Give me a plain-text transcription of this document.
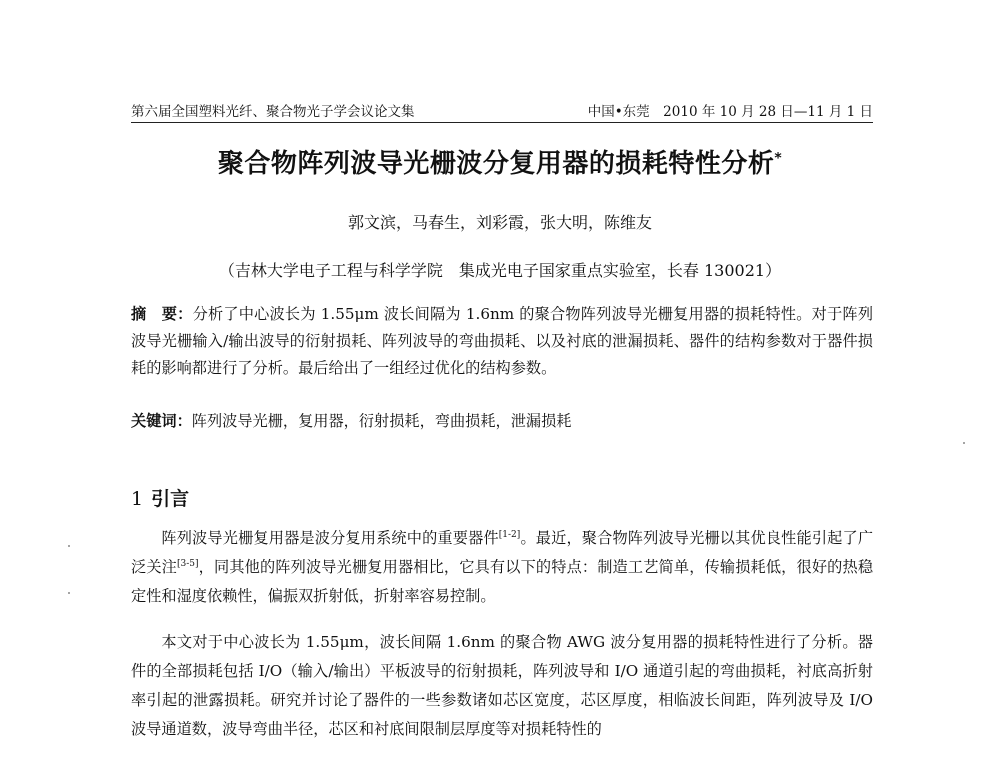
第六届全国塑料光纤、聚合物光子学会议论文集	中国•东莞　2010 年 10 月 28 日—11 月 1 日
聚合物阵列波导光栅波分复用器的损耗特性分析*
郭文滨，马春生，刘彩霞，张大明，陈维友
（吉林大学电子工程与科学学院　集成光电子国家重点实验室，长春 130021）
摘　要：分析了中心波长为 1.55μm 波长间隔为 1.6nm 的聚合物阵列波导光栅复用器的损耗特性。对于阵列波导光栅输入/输出波导的衍射损耗、阵列波导的弯曲损耗、以及衬底的泄漏损耗、器件的结构参数对于器件损耗的影响都进行了分析。最后给出了一组经过优化的结构参数。
关键词：阵列波导光栅，复用器，衍射损耗，弯曲损耗，泄漏损耗
1 引言
阵列波导光栅复用器是波分复用系统中的重要器件[1-2]。最近，聚合物阵列波导光栅以其优良性能引起了广泛关注[3-5]，同其他的阵列波导光栅复用器相比，它具有以下的特点：制造工艺简单，传输损耗低，很好的热稳定性和湿度依赖性，偏振双折射低，折射率容易控制。
本文对于中心波长为 1.55μm，波长间隔 1.6nm 的聚合物 AWG 波分复用器的损耗特性进行了分析。器件的全部损耗包括 I/O（输入/输出）平板波导的衍射损耗，阵列波导和 I/O 通道引起的弯曲损耗，衬底高折射率引起的泄露损耗。研究并讨论了器件的一些参数诸如芯区宽度，芯区厚度，相临波长间距，阵列波导及 I/O 波导通道数，波导弯曲半径，芯区和衬底间限制层厚度等对损耗特性的
